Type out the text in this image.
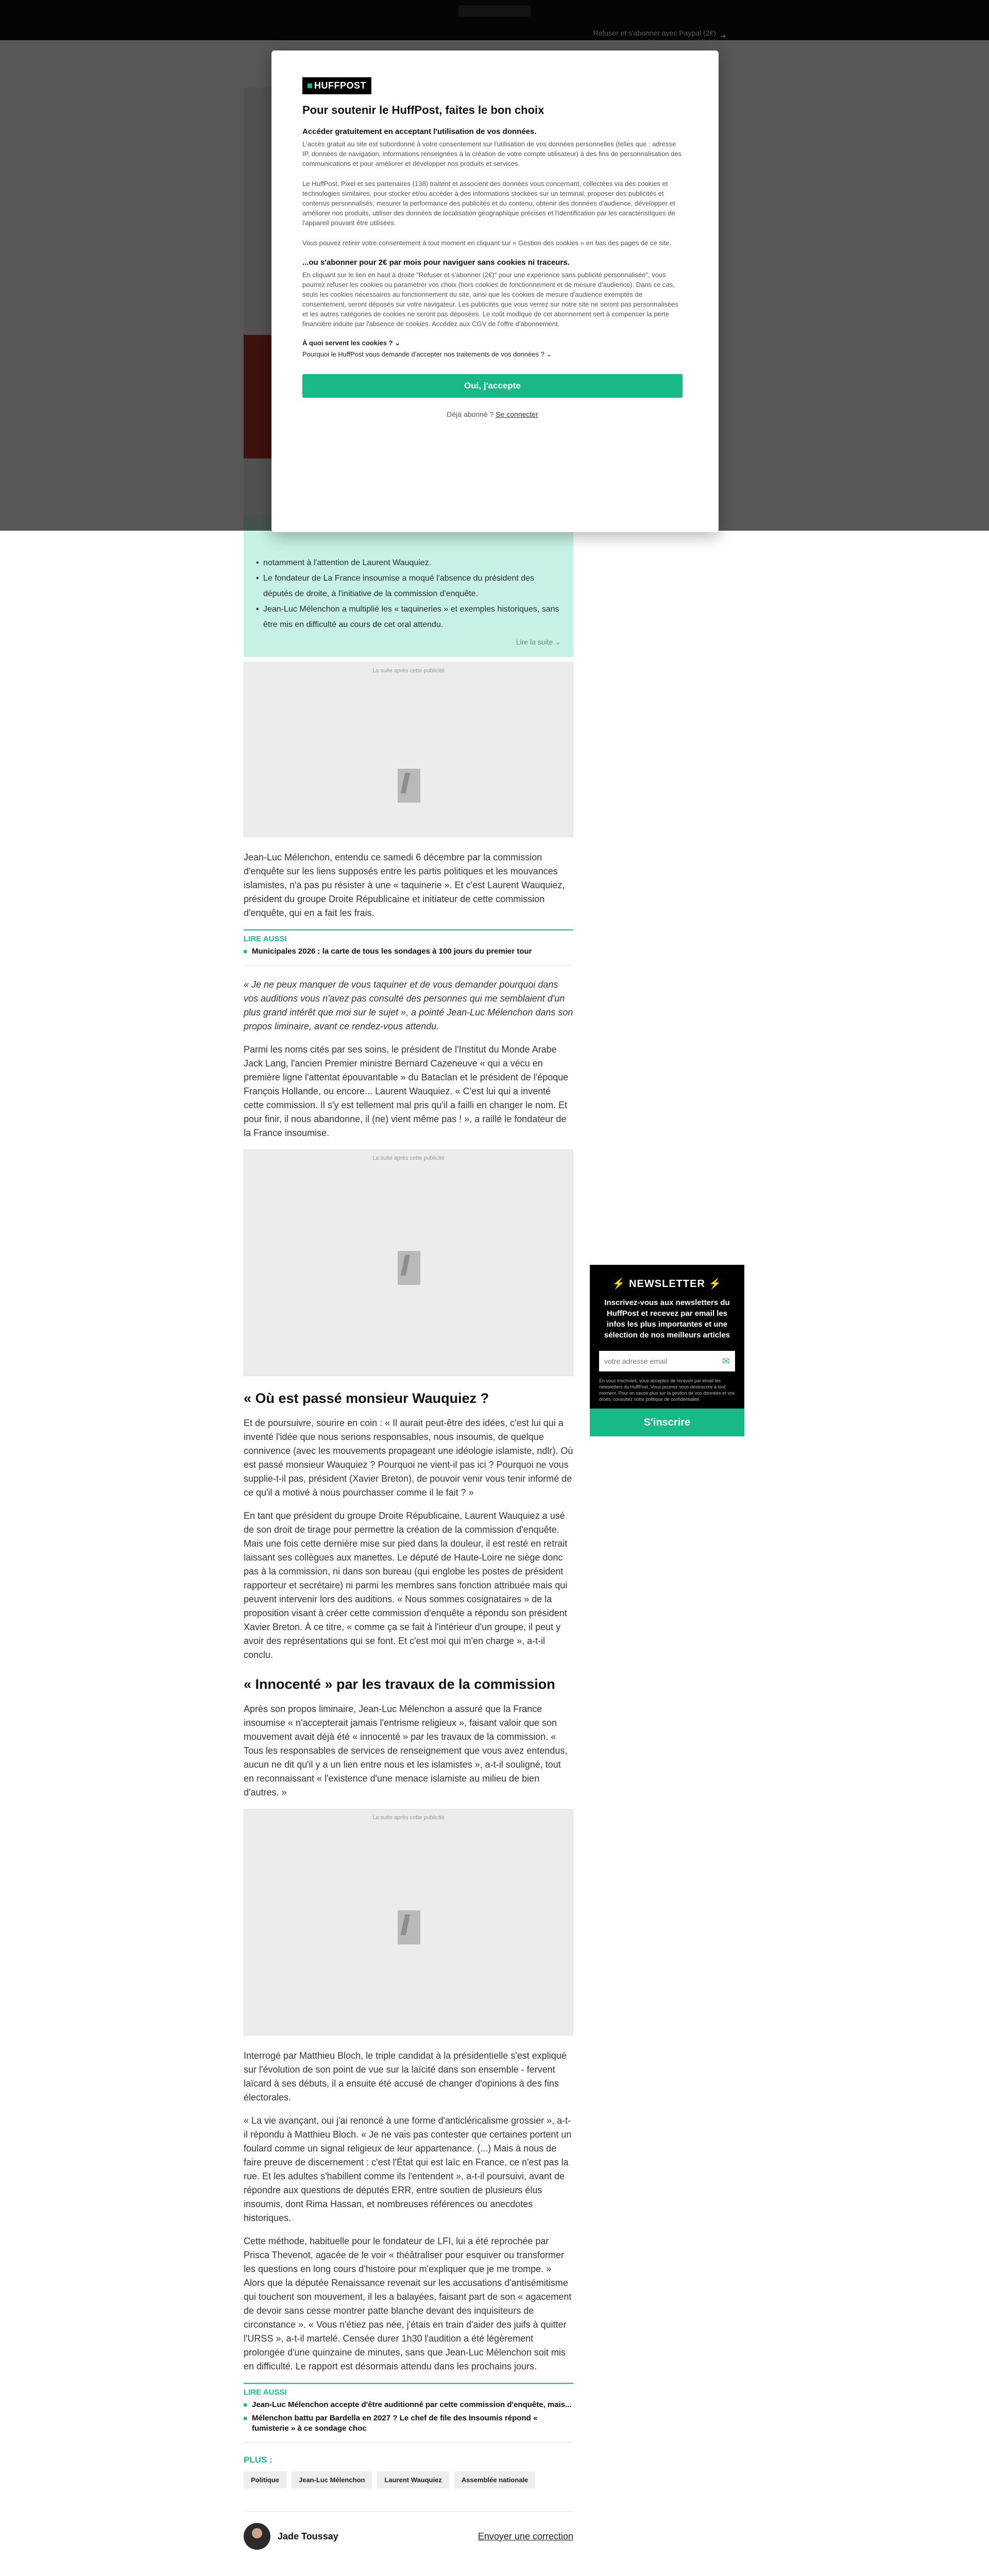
• notamment à l'attention de Laurent Wauquiez.
• Le fondateur de La France insoumise a moqué l'absence du président des députés de droite, à l'initiative de la commission d'enquête.
• Jean-Luc Mélenchon a multiplié les « taquineries » et exemples historiques, sans être mis en difficulté au cours de cet oral attendu.
Lire la suite ⌄
La suite après cette publicité

Jean-Luc Mélenchon, entendu ce samedi 6 décembre par la commission d'enquête sur les liens supposés entre les partis politiques et les mouvances islamistes, n'a pas pu résister à une « taquinerie ». Et c'est Laurent Wauquiez, président du groupe Droite Républicaine et initiateur de cette commission d'enquête, qui en a fait les frais.

LIRE AUSSI
Municipales 2026 : la carte de tous les sondages à 100 jours du premier tour

« Je ne peux manquer de vous taquiner et de vous demander pourquoi dans vos auditions vous n'avez pas consulté des personnes qui me semblaient d'un plus grand intérêt que moi sur le sujet », a pointé Jean-Luc Mélenchon dans son propos liminaire, avant ce rendez-vous attendu.

Parmi les noms cités par ses soins, le président de l'Institut du Monde Arabe Jack Lang, l'ancien Premier ministre Bernard Cazeneuve « qui a vécu en première ligne l'attentat épouvantable » du Bataclan et le président de l'époque François Hollande, ou encore... Laurent Wauquiez. « C'est lui qui a inventé cette commission. Il s'y est tellement mal pris qu'il a failli en changer le nom. Et pour finir, il nous abandonne, il (ne) vient même pas ! », a raillé le fondateur de la France insoumise.

La suite après cette publicité
« Où est passé monsieur Wauquiez ?

Et de poursuivre, sourire en coin : « Il aurait peut-être des idées, c'est lui qui a inventé l'idée que nous serions responsables, nous insoumis, de quelque connivence (avec les mouvements propageant une idéologie islamiste, ndlr). Où est passé monsieur Wauquiez ? Pourquoi ne vient-il pas ici ? Pourquoi ne vous supplie-t-il pas, président (Xavier Breton), de pouvoir venir vous tenir informé de ce qu'il a motivé à nous pourchasser comme il le fait ? »

En tant que président du groupe Droite Républicaine, Laurent Wauquiez a usé de son droit de tirage pour permettre la création de la commission d'enquête. Mais une fois cette dernière mise sur pied dans la douleur, il est resté en retrait laissant ses collègues aux manettes. Le député de Haute-Loire ne siège donc pas à la commission, ni dans son bureau (qui englobe les postes de président rapporteur et secrétaire) ni parmi les membres sans fonction attribuée mais qui peuvent intervenir lors des auditions. « Nous sommes cosignataires » de la proposition visant à créer cette commission d'enquête a répondu son président Xavier Breton. À ce titre, « comme ça se fait à l'intérieur d'un groupe, il peut y avoir des représentations qui se font. Et c'est moi qui m'en charge », a-t-il conclu.

« Innocenté » par les travaux de la commission

Après son propos liminaire, Jean-Luc Mélenchon a assuré que la France insoumise « n'accepterait jamais l'entrisme religieux », faisant valoir que son mouvement avait déjà été « innocenté » par les travaux de la commission. « Tous les responsables de services de renseignement que vous avez entendus, aucun ne dit qu'il y a un lien entre nous et les islamistes », a-t-il souligné, tout en reconnaissant « l'existence d'une menace islamiste au milieu de bien d'autres. »

La suite après cette publicité

Interrogé par Matthieu Bloch, le triple candidat à la présidentielle s'est expliqué sur l'évolution de son point de vue sur la laïcité dans son ensemble - fervent laïcard à ses débuts, il a ensuite été accusé de changer d'opinions à des fins électorales.

« La vie avançant, oui j'ai renoncé à une forme d'anticléricalisme grossier », a-t-il répondu à Matthieu Bloch. « Je ne vais pas contester que certaines portent un foulard comme un signal religieux de leur appartenance. (...) Mais à nous de faire preuve de discernement : c'est l'État qui est laïc en France, ce n'est pas la rue. Et les adultes s'habillent comme ils l'entendent », a-t-il poursuivi, avant de répondre aux questions de députés ERR, entre soutien de plusieurs élus insoumis, dont Rima Hassan, et nombreuses références ou anecdotes historiques.

Cette méthode, habituelle pour le fondateur de LFI, lui a été reprochée par Prisca Thevenot, agacée de le voir « théâtraliser pour esquiver ou transformer les questions en long cours d'histoire pour m'expliquer que je me trompe. » Alors que la députée Renaissance revenait sur les accusations d'antisémitisme qui touchent son mouvement, il les a balayées, faisant part de son « agacement de devoir sans cesse montrer patte blanche devant des inquisiteurs de circonstance ». « Vous n'étiez pas née, j'étais en train d'aider des juifs à quitter l'URSS », a-t-il martelé. Censée durer 1h30 l'audition a été légèrement prolongée d'une quinzaine de minutes, sans que Jean-Luc Mélenchon soit mis en difficulté. Le rapport est désormais attendu dans les prochains jours.

LIRE AUSSI
Jean-Luc Mélenchon accepte d'être auditionné par cette commission d'enquête, mais...
Mélenchon battu par Bardella en 2027 ? Le chef de file des Insoumis répond « fumisterie » à ce sondage choc
PLUS :
Politique	Jean-Luc Mélenchon	Laurent Wauquiez	Assemblée nationale
Jade Toussay	Envoyer une correction
⚡ NEWSLETTER ⚡
Inscrivez-vous aux newsletters du HuffPost et recevez par email les infos les plus importantes et une sélection de nos meilleurs articles
votre adresse email
✉
En vous inscrivant, vous acceptez de recevoir par email les newsletters du HuffPost. Vous pourrez vous désinscrire à tout moment. Pour en savoir plus sur la gestion de vos données et vos droits, consultez notre politique de confidentialité.
S'inscrire
HUFFPOST
Pour soutenir le HuffPost, faites le bon choix
Accéder gratuitement en acceptant l'utilisation de vos données.
L'accès gratuit au site est subordonné à votre consentement sur l'utilisation de vos données personnelles (telles que : adresse IP, données de navigation, informations renseignées à la création de votre compte utilisateur) à des fins de personnalisation des communications et pour améliorer et développer nos produits et services.
Le HuffPost, Pixel et ses partenaires (138) traitent et associent des données vous concernant, collectées via des cookies et technologies similaires, pour stocker et/ou accéder à des informations stockées sur un terminal, proposer des publicités et contenus personnalisés, mesurer la performance des publicités et du contenu, obtenir des données d'audience, développer et améliorer nos produits, utiliser des données de localisation géographique précises et l'identification par les caractéristiques de l'appareil pouvant être utilisées.
Vous pouvez retirer votre consentement à tout moment en cliquant sur « Gestion des cookies » en bas des pages de ce site.
...ou s'abonner pour 2€ par mois pour naviguer sans cookies ni traceurs.
En cliquant sur le lien en haut à droite "Refuser et s'abonner (2€)" pour une expérience sans publicité personnalisée", vous pourrez refuser les cookies ou paramétrer vos choix (hors cookies de fonctionnement et de mesure d'audience). Dans ce cas, seuls les cookies nécessaires au fonctionnement du site, ainsi que les cookies de mesure d'audience exemptés de consentement, seront déposés sur votre navigateur. Les publicités que vous verrez sur notre site ne seront pas personnalisées et les autres catégories de cookies ne seront pas déposées. Le coût modique de cet abonnement sert à compenser la perte financière induite par l'absence de cookies. Accédez aux CGV de l'offre d'abonnement.
À quoi servent les cookies ? ⌄
Pourquoi le HuffPost vous demande d'accepter nos traitements de vos données ? ⌄
Oui, j'accepte
Déjà abonné ? Se connecter
